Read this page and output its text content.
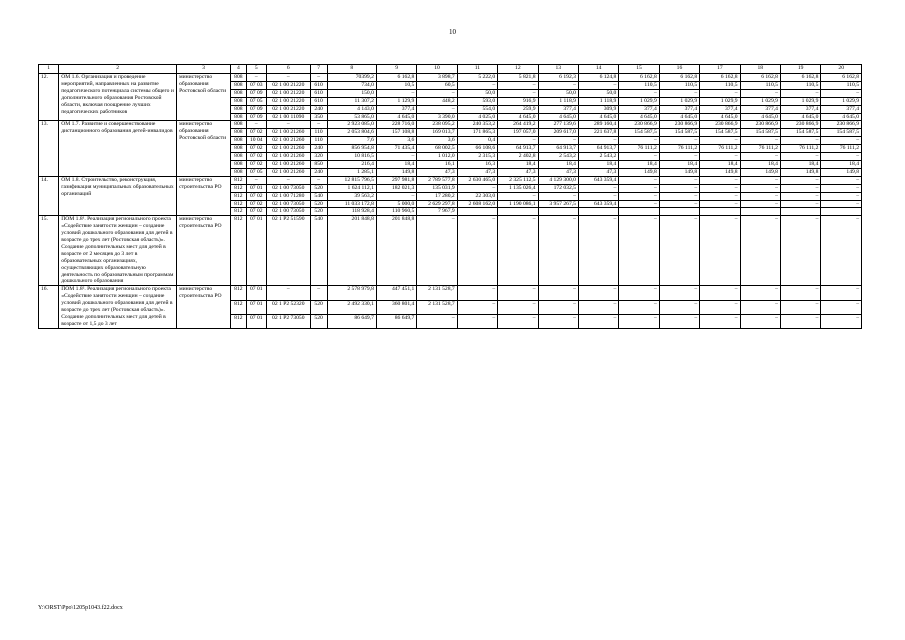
10
1	2	3	4	5	6	7	8	9	10	11	12	13	14	15	16	17	18	19	20
12.	ОМ 1.6. Организация и проведение мероприятий, направленных на развитие педагогического потенциала системы общего и дополнительного образования Ростовской области, включая поощрение лучших педагогических работников	министерство образования Ростовской области	808	–	–	–	70399,2	6 162,8	3 898,7	5 222,0	5 821,8	6 192,3	6 124,8	6 162,8	6 162,8	6 162,8	6 162,8	6 162,8	6 162,8
			808	07 03	02 1 00 21220	610	734,0	10,5	60,5	–	–	–	–	110,5	110,5	110,5	110,5	110,5	110,5
			808	07 09	02 1 00 21220	610	150,0	–	–	50,0	–	50,0	50,0	–	–	–	–	–	–
			808	07 05	02 1 00 21220	610	11 307,2	1 129,9	448,2	593,0	916,9	1 118,9	1 118,9	1 029,9	1 029,9	1 029,9	1 029,9	1 029,9	1 029,9
			808	07 09	02 1 00 21220	240	4 143,0	377,4	–	554,0	259,9	377,4	309,9	377,4	377,4	377,4	377,4	377,4	377,4
			808	07 09	02 1 00 11090	350	53 865,0	4 645,0	3 390,0	4 025,0	4 645,0	4 645,0	4 645,0	4 645,0	4 645,0	4 645,0	4 645,0	4 645,0	4 645,0
13.	ОМ 1.7. Развитие и совершенствование дистанционного образования детей-инвалидов	министерство образования Ростовской области	808	–	–	–	2 923 085,0	228 716,0	238 095,2	240 353,2	264 419,2	277 139,6	289 160,4	230 866,9	230 866,9	230 866,9	230 866,9	230 866,9	230 866,9
			808	07 02	02 1 00 21260	110	2 053 804,6	157 108,8	169 013,7	171 865,3	197 057,0	209 617,0	221 637,8	154 587,5	154 587,5	154 587,5	154 587,5	154 587,5	154 587,5
			808	10 04	02 1 00 21260	110	7,6	3,6	3,6	0,4	–	–	–	–	–	–	–	–	–
			808	07 02	02 1 00 21260	240	856 954,8	71 435,4	68 002,5	66 108,6	64 913,7	64 913,7	64 913,7	76 111,2	76 111,2	76 111,2	76 111,2	76 111,2	76 111,2
			808	07 02	02 1 00 21260	320	10 816,5	–	1 012,0	2 315,3	2 402,8	2 543,2	2 543,2	–	–	–	–	–	–
			808	07 02	02 1 00 21260	850	216,4	18,4	16,1	16,3	18,4	18,4	18,4	18,4	18,4	18,4	18,4	18,4	18,4
			808	07 05	02 1 00 21260	240	1 285,1	149,8	47,3	47,3	47,3	47,3	47,3	149,8	149,8	149,8	149,8	149,8	149,8
14.	ОМ 1.8. Строительство, реконструкция, газификация муниципальных образовательных организаций	министерство строительства РО	812	–	–	–	12 815 796,5	297 981,8	2 789 577,8	2 630 465,0	2 325 112,5	4 129 300,0	643 359,4	–	–	–	–	–	–
			812	07 01	02 1 00 73050	520	1 624 112,1	182 021,3	135 031,9	–	1 135 026,4	172 032,5	–	–	–	–	–	–	–
			812	07 02	02 1 00 71280	540	39 563,2	–	17 280,2	22 303,0	–	–	–	–	–	–	–	–	–
			812	07 02	02 1 00 73050	520	11 033 172,8	5 000,0	2 629 297,8	2 608 162,0	1 190 086,1	3 957 267,5	643 359,4	–	–	–	–	–	–
			812	07 02	02 1 00 73050	520	118 928,4	110 960,5	7 967,9										
15.	ПОМ 1.8¹. Реализация регионального проекта «Содействие занятости женщин – создание условий дошкольного образования для детей в возрасте до трех лет (Ростовская область)». Создание дополнительных мест для детей в возрасте от 2 месяцев до 3 лет в образовательных организациях, осуществляющих образовательную деятельность по образовательным программам дошкольного образования	министерство строительства РО	812	07 01	02 1 P2 51590	540	201 848,8	201 848,8	–	–	–	–	–	–	–	–	–	–	–
16.	ПОМ 1.8². Реализация регионального проекта «Содействие занятости женщин – создание условий дошкольного образования для детей в возрасте до трех лет (Ростовская область)». Создание дополнительных мест для детей в возрасте от 1,5 до 3 лет	министерство строительства РО	812	07 01	–	–	2 578 979,8	447 451,1	2 131 528,7	–	–	–	–	–	–	–	–	–	–
			812	07 01	02 1 P2 52320	520	2 492 330,1	360 801,4	2 131 528,7	–	–	–	–	–	–	–	–	–	–
			812	07 01	02 1 P2 73050	520	86 649,7	86 649,7	–	–	–	–	–	–	–	–	–	–	–
Y:\ORST\Ppo\1205p1043.f22.docx
